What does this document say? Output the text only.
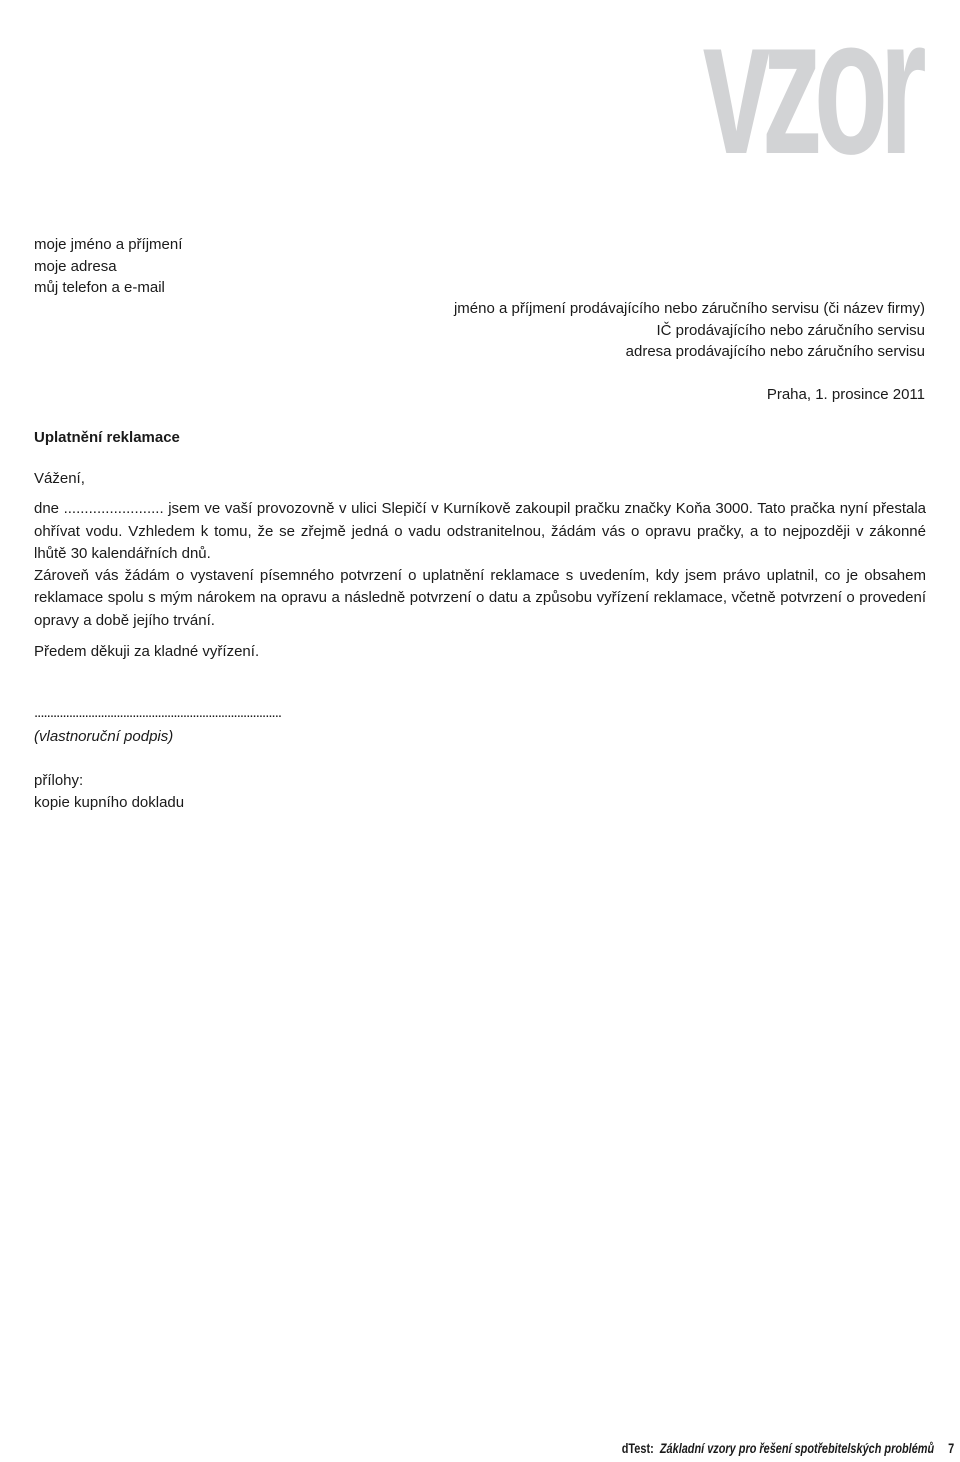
vzor
moje jméno a příjmení
moje adresa
můj telefon a e-mail
jméno a příjmení prodávajícího nebo záručního servisu (či název firmy)
IČ prodávajícího nebo záručního servisu
adresa prodávajícího nebo záručního servisu
Praha, 1. prosince 2011
Uplatnění reklamace

Vážení,

dne ........................ jsem ve vaší provozovně v ulici Slepičí v Kurníkově zakoupil pračku značky Koňa 3000. Tato pračka nyní přestala ohřívat vodu. Vzhledem k tomu, že se zřejmě jedná o vadu odstranitelnou, žádám vás o opravu pračky, a to nejpozději v zákonné lhůtě 30 kalendářních dnů.

Zároveň vás žádám o vystavení písemného potvrzení o uplatnění reklamace s uvedením, kdy jsem právo uplatnil, co je obsahem reklamace spolu s mým nárokem na opravu a následně potvrzení o datu a způsobu vyřízení reklamace, včetně potvrzení o provedení opravy a době jejího trvání.

Předem děkuji za kladné vyřízení.
..............................................................................
(vlastnoruční podpis)
přílohy:
kopie kupního dokladu
dTest: Základní vzory pro řešení spotřebitelských problémů 7
